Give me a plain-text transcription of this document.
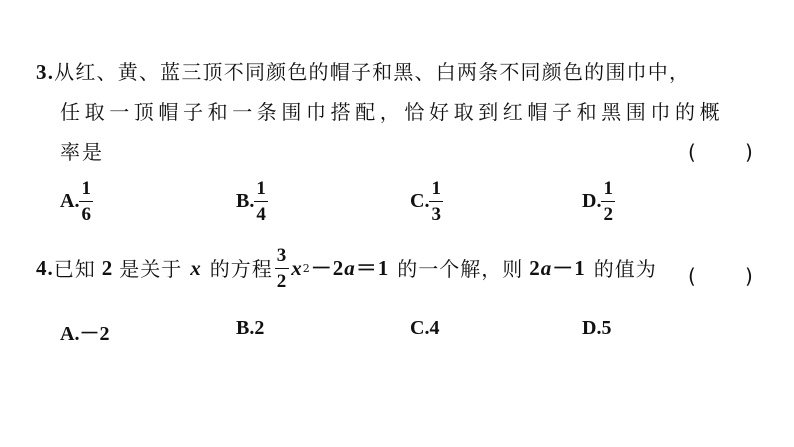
3.从红、黄、蓝三顶不同颜色的帽子和黑、白两条不同颜色的围巾中，
任取一顶帽子和一条围巾搭配，恰好取到红帽子和黑围巾的概
率是	( )
A. $\frac{1}{6}$	B. $\frac{1}{4}$	C. $\frac{1}{3}$	D. $\frac{1}{2}$
4. 已知 2 是关于 x 的方程 $\frac{3}{2}$ x 2 －2 a ＝1 的一个解，则 2 a －1 的值为 ( )
A.－2	B.2	C.4	D.5
